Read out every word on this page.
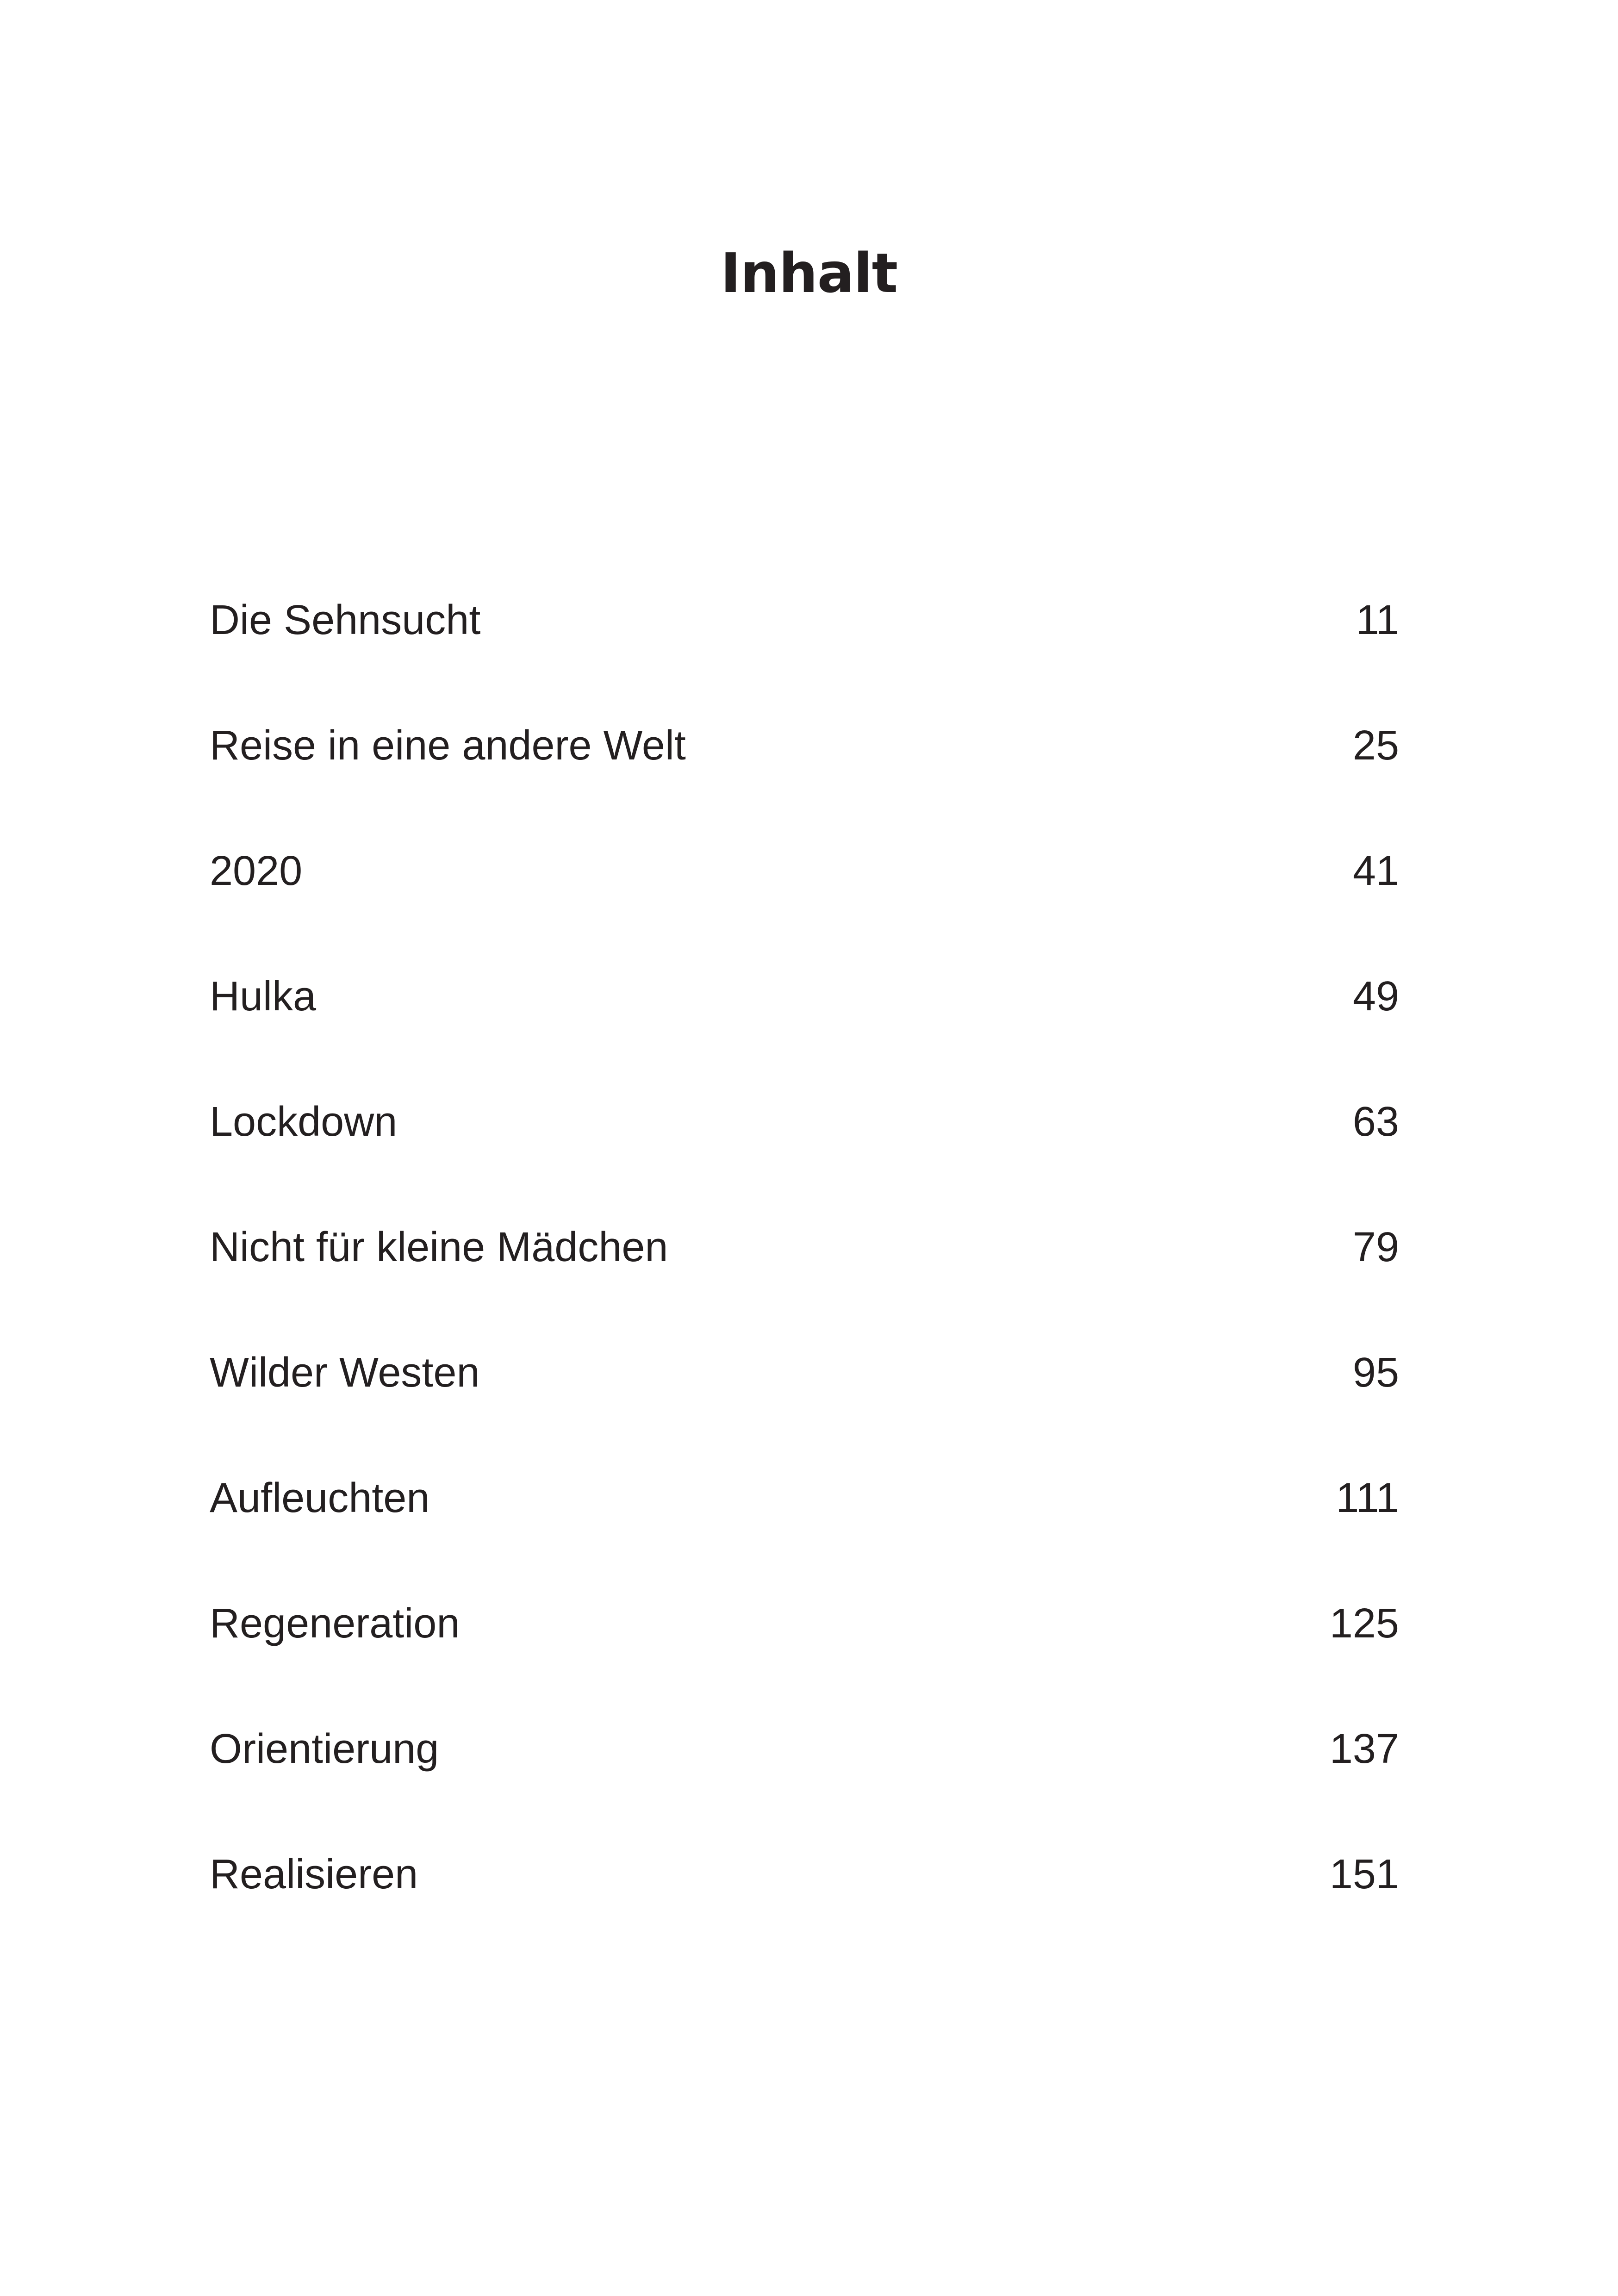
Inhalt
Die Sehnsucht	11
Reise in eine andere Welt	25
2020	41
Hulka	49
Lockdown	63
Nicht für kleine Mädchen	79
Wilder Westen	95
Aufleuchten	111
Regeneration	125
Orientierung	137
Realisieren	151
